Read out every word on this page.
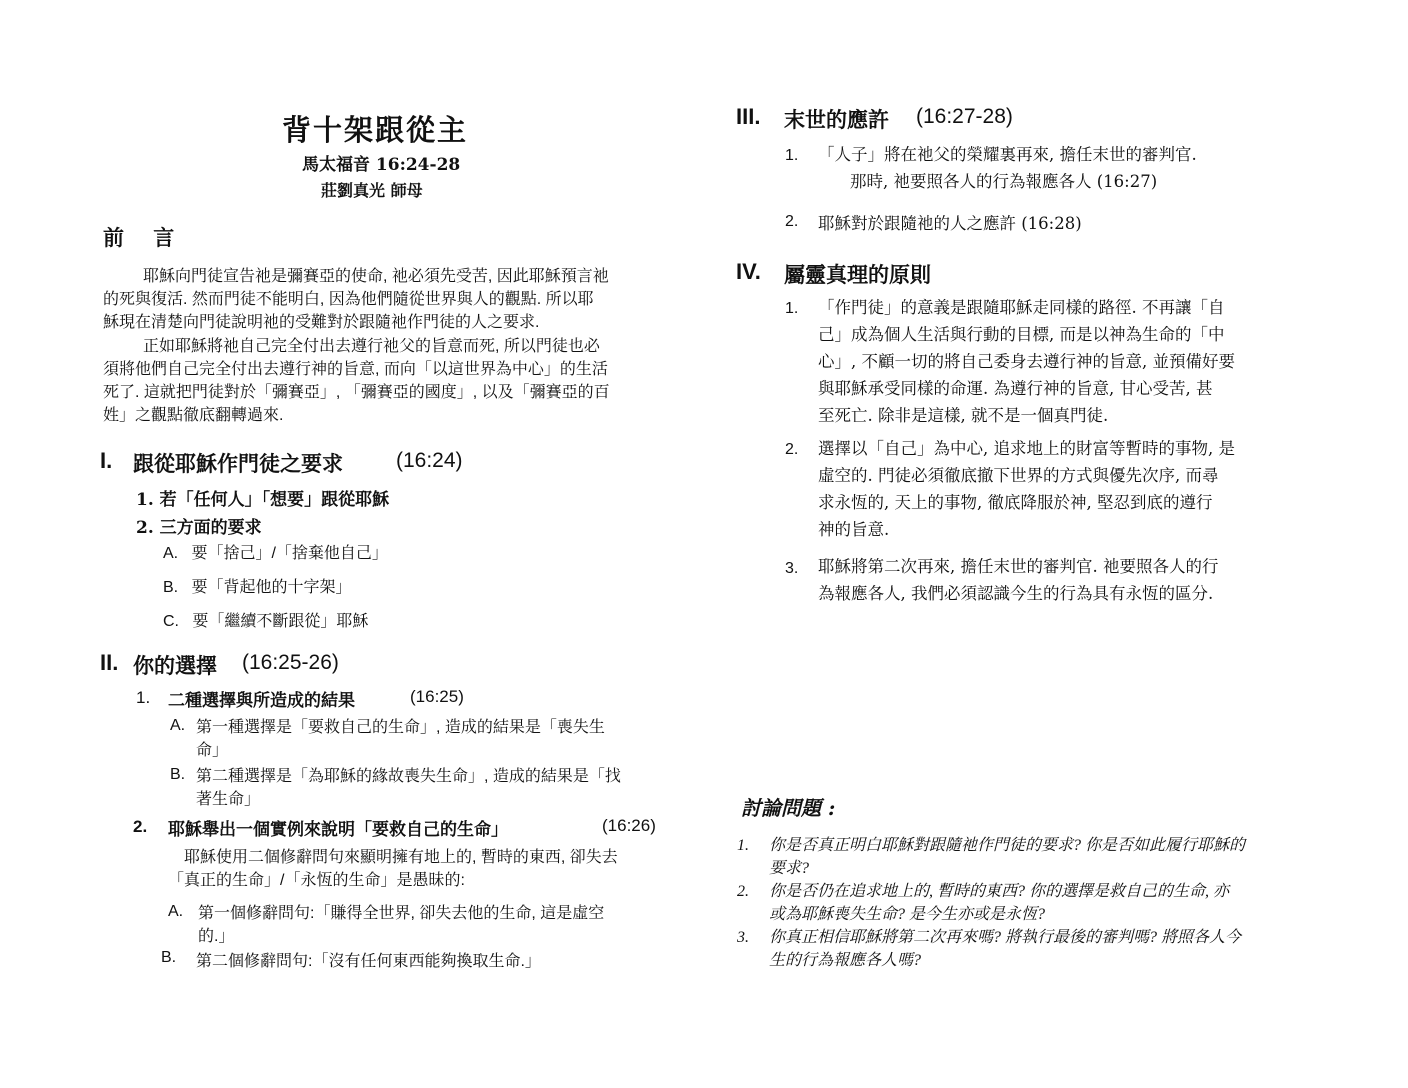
背十架跟從主
馬太福音 16:24-28
莊劉真光 師母
前    言
耶穌向門徒宣告祂是彌賽亞的使命, 祂必須先受苦, 因此耶穌預言祂
的死與復活. 然而門徒不能明白, 因為他們隨從世界與人的觀點. 所以耶
穌現在清楚向門徒說明祂的受難對於跟隨祂作門徒的人之要求.
正如耶穌將祂自己完全付出去遵行祂父的旨意而死, 所以門徒也必
須將他們自己完全付出去遵行神的旨意, 而向「以這世界為中心」的生活
死了. 這就把門徒對於「彌賽亞」, 「彌賽亞的國度」, 以及「彌賽亞的百
姓」之觀點徹底翻轉過來.
I. 跟從耶穌作門徒之要求	(16:24)
1. 若「任何人」「想要」跟從耶穌
2. 三方面的要求
A.   要「捨己」/「捨棄他自己」
B.   要「背起他的十字架」
C.   要「繼續不斷跟從」耶穌
II. 你的選擇 (16:25-26)
1. 二種選擇與所造成的結果	(16:25)
A. 第一種選擇是「要救自己的生命」, 造成的結果是「喪失生
命」
B. 第二種選擇是「為耶穌的緣故喪失生命」, 造成的結果是「找
著生命」
2. 耶穌舉出一個實例來說明「要救自己的生命」	(16:26)
耶穌使用二個修辭問句來顯明擁有地上的, 暫時的東西, 卻失去
「真正的生命」/「永恆的生命」是愚昧的:
A. 第一個修辭問句:「賺得全世界, 卻失去他的生命, 這是虛空
的.」
B. 第二個修辭問句:「沒有任何東西能夠換取生命.」
III. 末世的應許 (16:27-28)
1. 「人子」將在祂父的榮耀裏再來, 擔任末世的審判官.
那時, 祂要照各人的行為報應各人 (16:27)
2. 耶穌對於跟隨祂的人之應許 (16:28)
IV. 屬靈真理的原則
1. 「作門徒」的意義是跟隨耶穌走同樣的路徑. 不再讓「自
己」成為個人生活與行動的目標, 而是以神為生命的「中
心」, 不顧一切的將自己委身去遵行神的旨意, 並預備好要
與耶穌承受同樣的命運. 為遵行神的旨意, 甘心受苦, 甚
至死亡. 除非是這樣, 就不是一個真門徒.
2. 選擇以「自己」為中心, 追求地上的財富等暫時的事物, 是
虛空的. 門徒必須徹底撤下世界的方式與優先次序, 而尋
求永恆的, 天上的事物, 徹底降服於神, 堅忍到底的遵行
神的旨意.
3. 耶穌將第二次再來, 擔任末世的審判官. 祂要照各人的行
為報應各人, 我們必須認識今生的行為具有永恆的區分.
討論問題 :
1. 你是否真正明白耶穌對跟隨祂作門徒的要求? 你是否如此履行耶穌的
要求?
2. 你是否仍在追求地上的, 暫時的東西? 你的選擇是救自己的生命, 亦
或為耶穌喪失生命? 是今生亦或是永恆?
3. 你真正相信耶穌將第二次再來嗎? 將執行最後的審判嗎? 將照各人今
生的行為報應各人嗎?
